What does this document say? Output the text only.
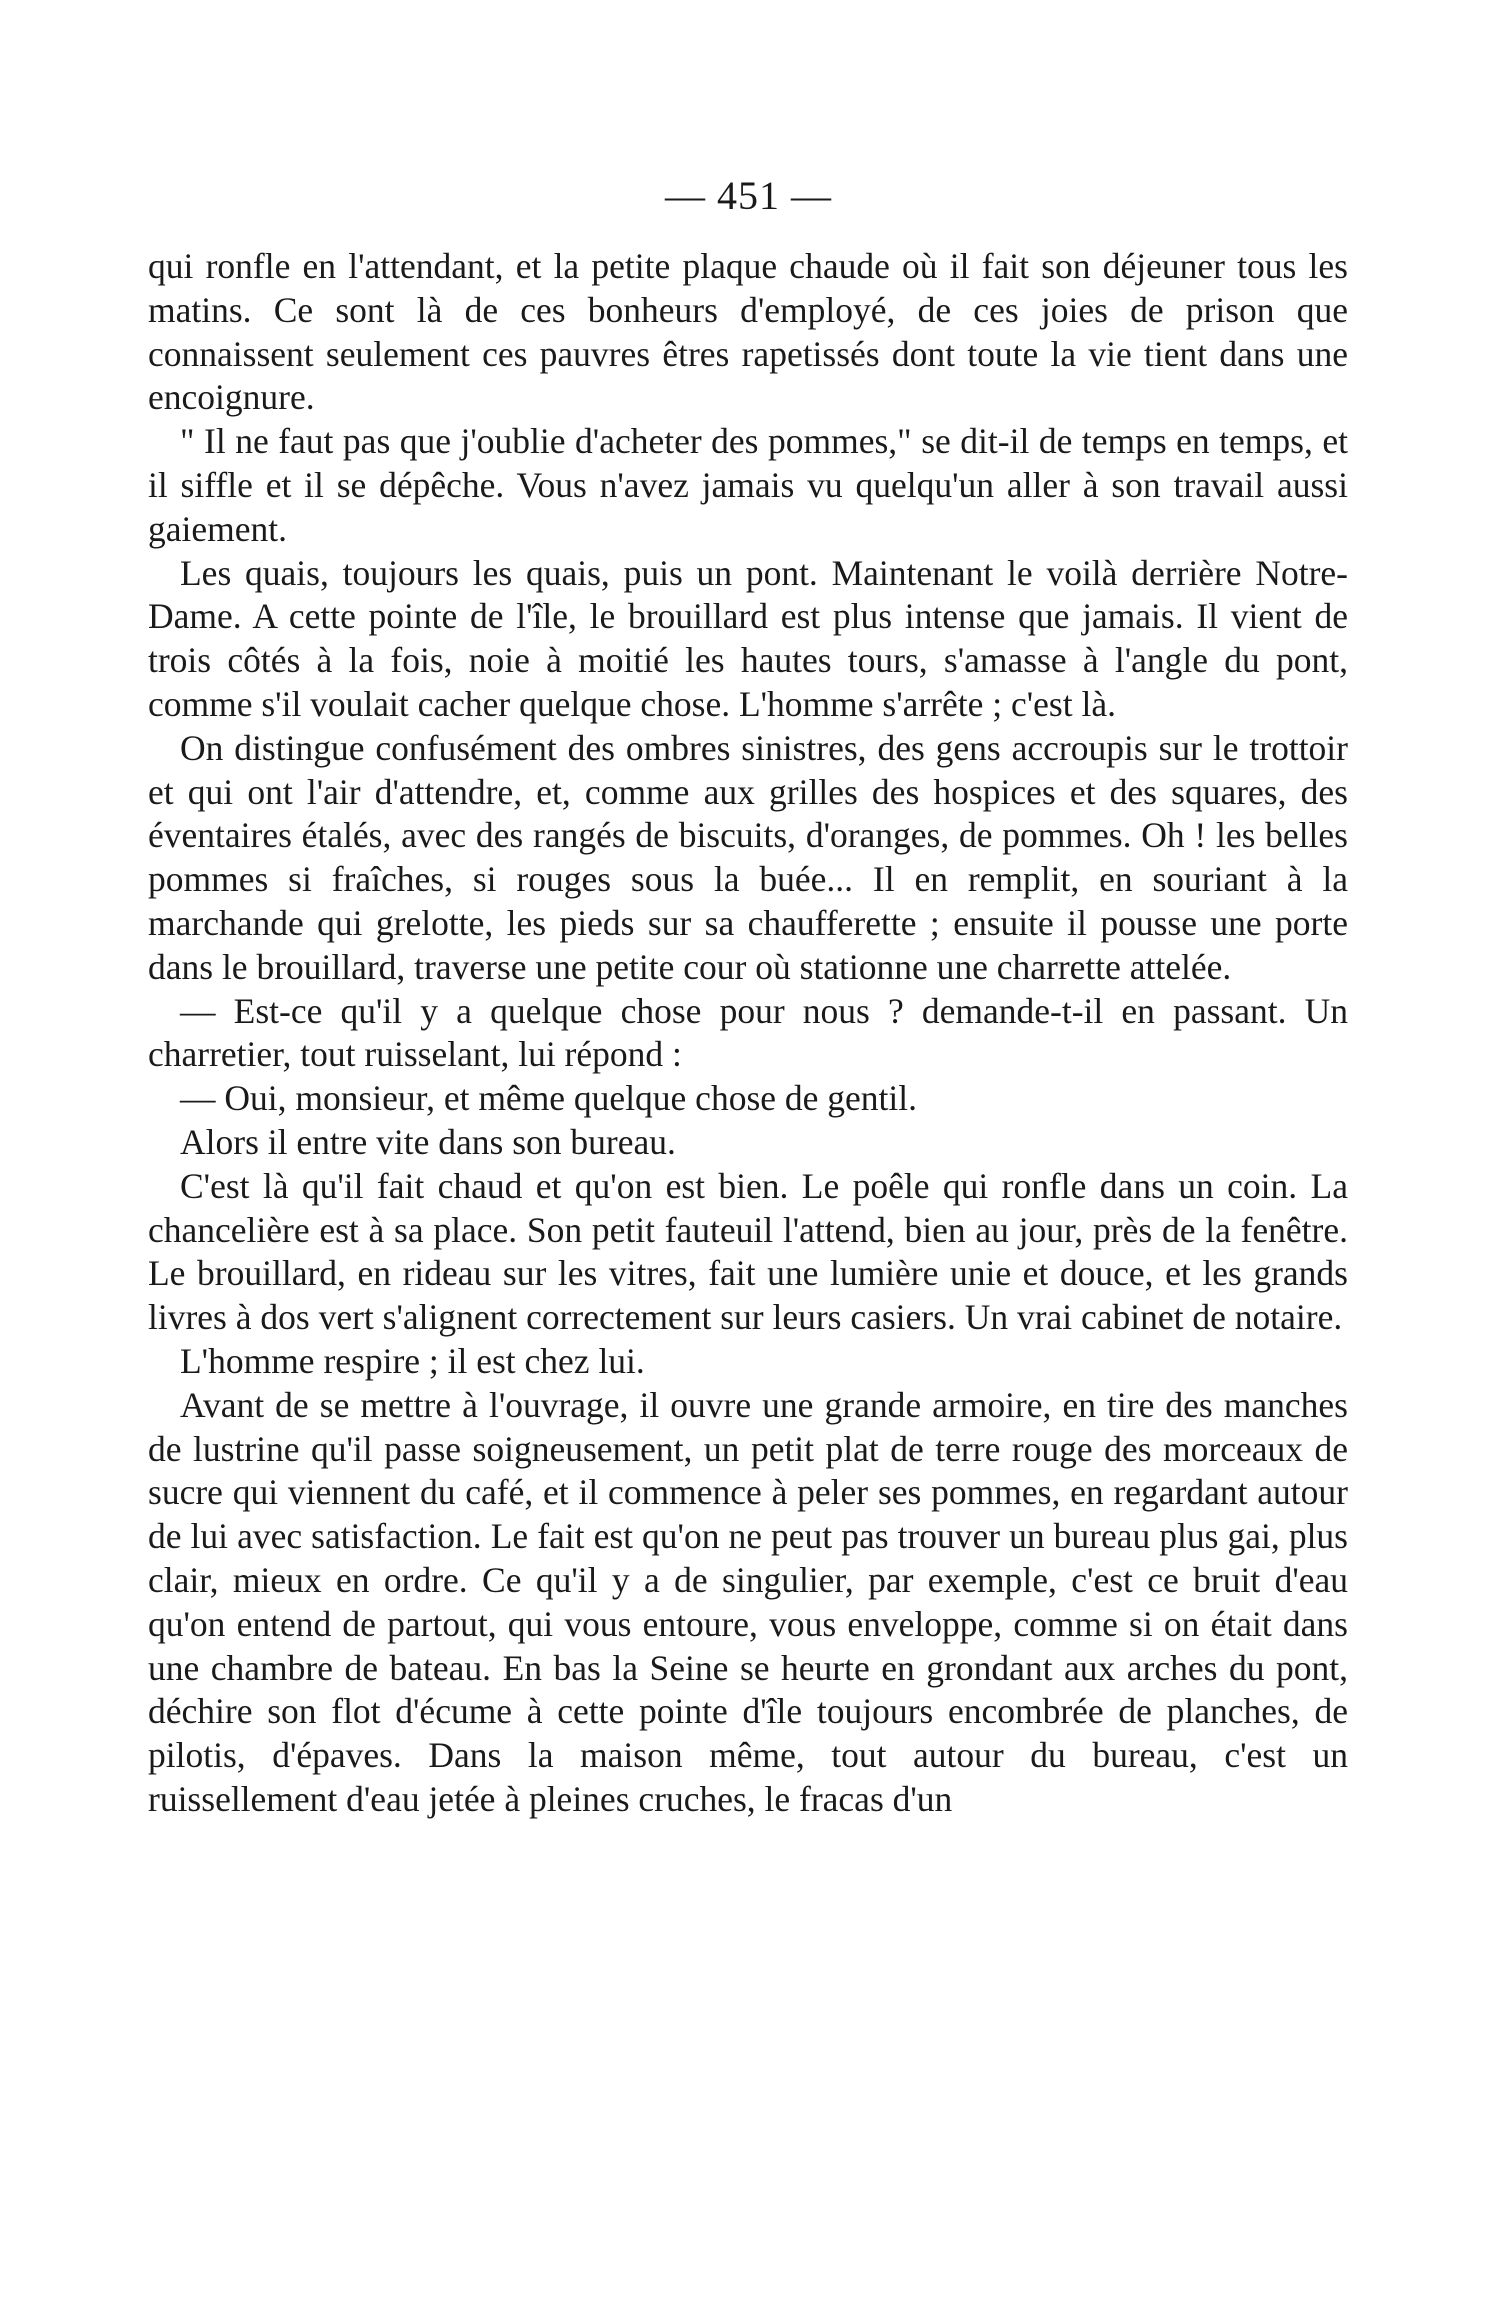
— 451 —

qui ronfle en l'attendant, et la petite plaque chaude où il fait son déjeuner tous les matins. Ce sont là de ces bonheurs d'employé, de ces joies de prison que connaissent seulement ces pauvres êtres rapetissés dont toute la vie tient dans une encoignure.

" Il ne faut pas que j'oublie d'acheter des pommes," se dit-il de temps en temps, et il siffle et il se dépêche. Vous n'avez jamais vu quelqu'un aller à son travail aussi gaiement.

Les quais, toujours les quais, puis un pont. Maintenant le voilà derrière Notre-Dame. A cette pointe de l'île, le brouillard est plus intense que jamais. Il vient de trois côtés à la fois, noie à moitié les hautes tours, s'amasse à l'angle du pont, comme s'il voulait cacher quelque chose. L'homme s'arrête ; c'est là.

On distingue confusément des ombres sinistres, des gens accroupis sur le trottoir et qui ont l'air d'attendre, et, comme aux grilles des hospices et des squares, des éventaires étalés, avec des rangés de biscuits, d'oranges, de pommes. Oh ! les belles pommes si fraîches, si rouges sous la buée... Il en remplit, en souriant à la marchande qui grelotte, les pieds sur sa chaufferette ; ensuite il pousse une porte dans le brouillard, traverse une petite cour où stationne une charrette attelée.

— Est-ce qu'il y a quelque chose pour nous ? demande-t-il en passant. Un charretier, tout ruisselant, lui répond :

— Oui, monsieur, et même quelque chose de gentil.

Alors il entre vite dans son bureau.

C'est là qu'il fait chaud et qu'on est bien. Le poêle qui ronfle dans un coin. La chancelière est à sa place. Son petit fauteuil l'attend, bien au jour, près de la fenêtre. Le brouillard, en rideau sur les vitres, fait une lumière unie et douce, et les grands livres à dos vert s'alignent correctement sur leurs casiers. Un vrai cabinet de notaire.

L'homme respire ; il est chez lui.

Avant de se mettre à l'ouvrage, il ouvre une grande armoire, en tire des manches de lustrine qu'il passe soigneusement, un petit plat de terre rouge des morceaux de sucre qui viennent du café, et il commence à peler ses pommes, en regardant autour de lui avec satisfaction. Le fait est qu'on ne peut pas trouver un bureau plus gai, plus clair, mieux en ordre. Ce qu'il y a de singulier, par exemple, c'est ce bruit d'eau qu'on entend de partout, qui vous entoure, vous enveloppe, comme si on était dans une chambre de bateau. En bas la Seine se heurte en grondant aux arches du pont, déchire son flot d'écume à cette pointe d'île toujours encombrée de planches, de pilotis, d'épaves. Dans la maison même, tout autour du bureau, c'est un ruissellement d'eau jetée à pleines cruches, le fracas d'un
